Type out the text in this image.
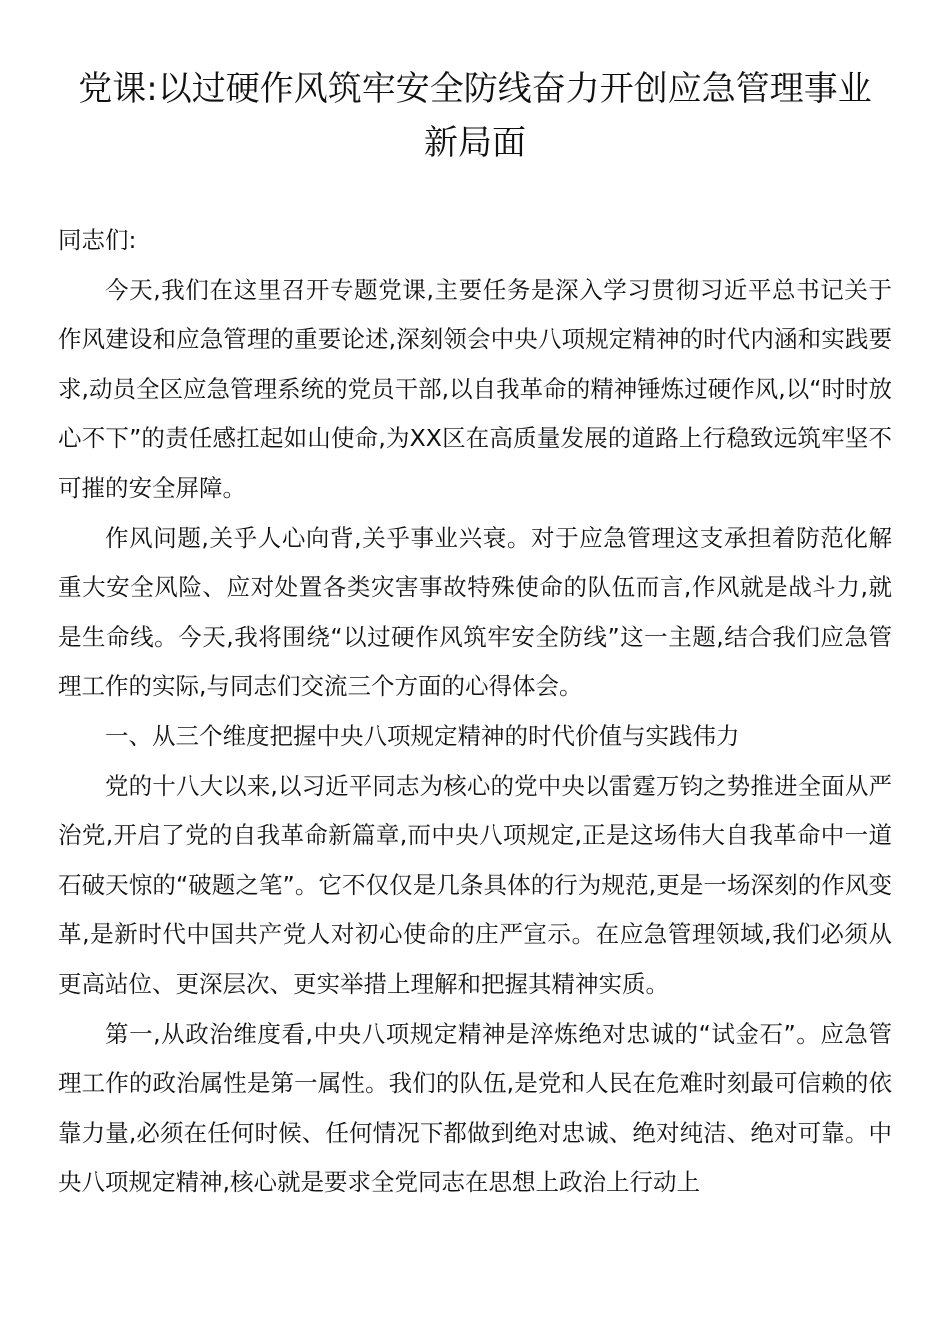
党课:以过硬作风筑牢安全防线奋力开创应急管理事业
新局面

同志们:

今天,我们在这里召开专题党课,主要任务是深入学习贯彻习近平总书记关于作风建设和应急管理的重要论述,深刻领会中央八项规定精神的时代内涵和实践要求,动员全区应急管理系统的党员干部,以自我革命的精神锤炼过硬作风,以“时时放心不下”的责任感扛起如山使命,为XX区在高质量发展的道路上行稳致远筑牢坚不可摧的安全屏障。

作风问题,关乎人心向背,关乎事业兴衰。对于应急管理这支承担着防范化解重大安全风险、应对处置各类灾害事故特殊使命的队伍而言,作风就是战斗力,就是生命线。今天,我将围绕“以过硬作风筑牢安全防线”这一主题,结合我们应急管理工作的实际,与同志们交流三个方面的心得体会。

一、从三个维度把握中央八项规定精神的时代价值与实践伟力

党的十八大以来,以习近平同志为核心的党中央以雷霆万钧之势推进全面从严治党,开启了党的自我革命新篇章,而中央八项规定,正是这场伟大自我革命中一道石破天惊的“破题之笔”。它不仅仅是几条具体的行为规范,更是一场深刻的作风变革,是新时代中国共产党人对初心使命的庄严宣示。在应急管理领域,我们必须从更高站位、更深层次、更实举措上理解和把握其精神实质。

第一,从政治维度看,中央八项规定精神是淬炼绝对忠诚的“试金石”。应急管理工作的政治属性是第一属性。我们的队伍,是党和人民在危难时刻最可信赖的依靠力量,必须在任何时候、任何情况下都做到绝对忠诚、绝对纯洁、绝对可靠。中央八项规定精神,核心就是要求全党同志在思想上政治上行动上
